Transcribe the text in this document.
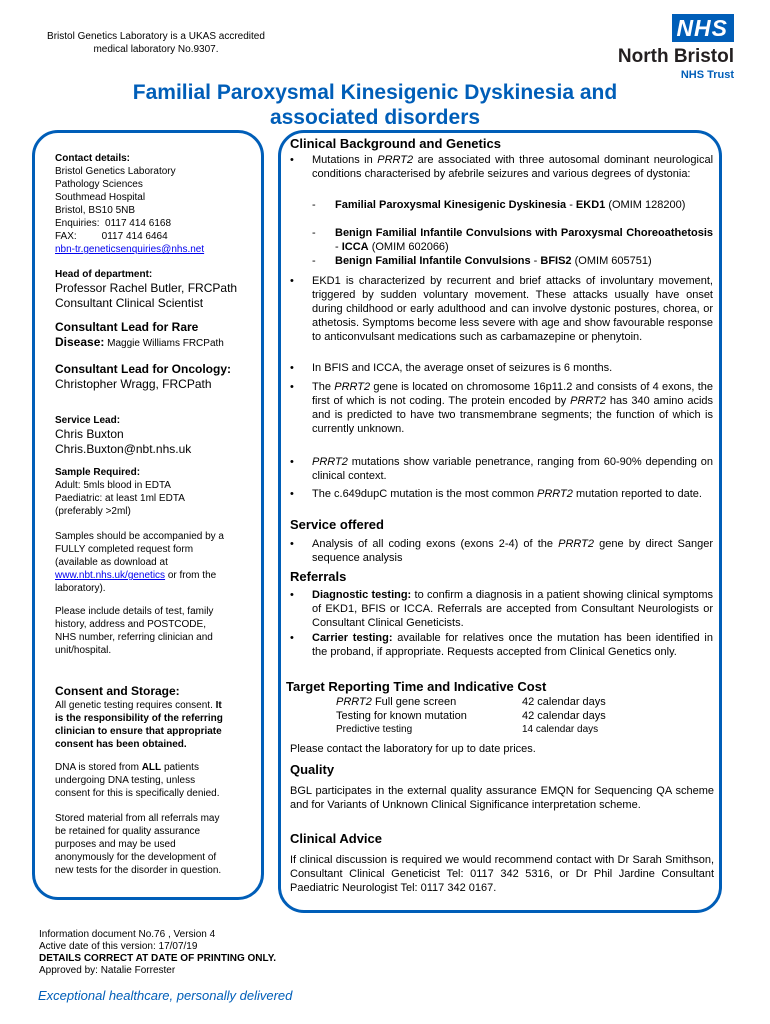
Bristol Genetics Laboratory is a UKAS accredited
medical laboratory No.9307.
NHS
North Bristol
NHS Trust
Familial Paroxysmal Kinesigenic Dyskinesia and
associated disorders
Contact details:
Bristol Genetics Laboratory
Pathology Sciences
Southmead Hospital
Bristol, BS10 5NB
Enquiries:  0117 414 6168
FAX:         0117 414 6464
nbn-tr.geneticsenquiries@nhs.net
Head of department:
Professor Rachel Butler, FRCPath
Consultant Clinical Scientist
Consultant Lead for Rare
Disease: Maggie Williams FRCPath
Consultant Lead for Oncology:
Christopher Wragg, FRCPath
Service Lead:
Chris Buxton
Chris.Buxton@nbt.nhs.uk
Sample Required:
Adult: 5mls blood in EDTA
Paediatric: at least 1ml EDTA
(preferably >2ml)
Samples should be accompanied by a
FULLY completed request form
(available as download at
www.nbt.nhs.uk/genetics or from the
laboratory).
Please include details of test, family
history, address and POSTCODE,
NHS number, referring clinician and
unit/hospital.
Consent and Storage:
All genetic testing requires consent. It
is the responsibility of the referring
clinician to ensure that appropriate
consent has been obtained.
DNA is stored from ALL patients
undergoing DNA testing, unless
consent for this is specifically denied.
Stored material from all referrals may
be retained for quality assurance
purposes and may be used
anonymously for the development of
new tests for the disorder in question.
Clinical Background and Genetics
•	Mutations in PRRT2 are associated with three autosomal dominant neurological conditions characterised by afebrile seizures and various degrees of dystonia:
- Familial Paroxysmal Kinesigenic Dyskinesia - EKD1 (OMIM 128200)
- Benign Familial Infantile Convulsions with Paroxysmal Choreoathetosis - ICCA (OMIM 602066)
- Benign Familial Infantile Convulsions - BFIS2 (OMIM 605751)
•	EKD1 is characterized by recurrent and brief attacks of involuntary movement, triggered by sudden voluntary movement. These attacks usually have onset during childhood or early adulthood and can involve dystonic postures, chorea, or athetosis. Symptoms become less severe with age and show favourable response to anticonvulsant medications such as carbamazepine or phenytoin.
•	In BFIS and ICCA, the average onset of seizures is 6 months.
•	The PRRT2 gene is located on chromosome 16p11.2 and consists of 4 exons, the first of which is not coding. The protein encoded by PRRT2 has 340 amino acids and is predicted to have two transmembrane segments; the function of which is currently unknown.
•	PRRT2 mutations show variable penetrance, ranging from 60-90% depending on clinical context.
•	The c.649dupC mutation is the most common PRRT2 mutation reported to date.
Service offered
•	Analysis of all coding exons (exons 2-4) of the PRRT2 gene by direct Sanger sequence analysis
Referrals
•	Diagnostic testing: to confirm a diagnosis in a patient showing clinical symptoms of EKD1, BFIS or ICCA. Referrals are accepted from Consultant Neurologists or Consultant Clinical Geneticists.
•	Carrier testing: available for relatives once the mutation has been identified in the proband, if appropriate. Requests accepted from Clinical Genetics only.
Target Reporting Time and Indicative Cost
PRRT2 Full gene screen	42 calendar days
Testing for known mutation	42 calendar days
Predictive testing	14 calendar days
Please contact the laboratory for up to date prices.
Quality
BGL participates in the external quality assurance EMQN for Sequencing QA scheme and for Variants of Unknown Clinical Significance interpretation scheme.
Clinical Advice
If clinical discussion is required we would recommend contact with Dr Sarah Smithson, Consultant Clinical Geneticist Tel: 0117 342 5316, or Dr Phil Jardine Consultant Paediatric Neurologist Tel: 0117 342 0167.
Information document No.76 , Version 4
Active date of this version: 17/07/19
DETAILS CORRECT AT DATE OF PRINTING ONLY.
Approved by: Natalie Forrester
Exceptional healthcare, personally delivered
